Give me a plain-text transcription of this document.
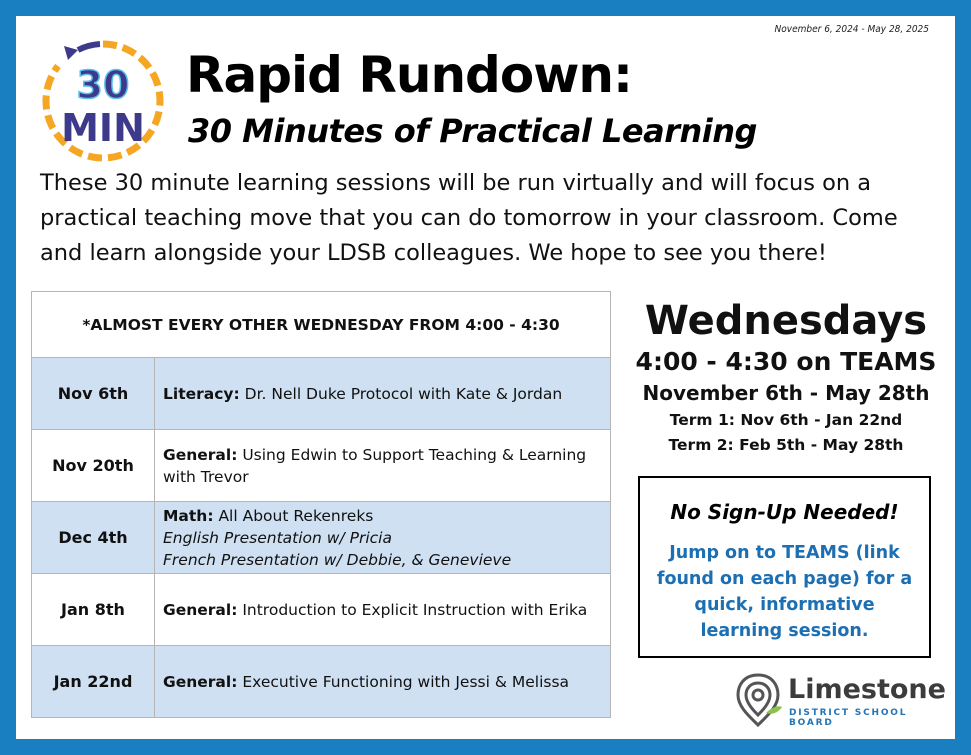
November 6, 2024 - May 28, 2025
30
MIN
Rapid Rundown:
30 Minutes of Practical Learning
These 30 minute learning sessions will be run virtually and will focus on a practical teaching move that you can do tomorrow in your classroom. Come and learn alongside your LDSB colleagues. We hope to see you there!
*ALMOST EVERY OTHER WEDNESDAY FROM 4:00 - 4:30	
Nov 6th	Literacy: Dr. Nell Duke Protocol with Kate & Jordan
Nov 20th	General: Using Edwin to Support Teaching & Learning with Trevor
Dec 4th	Math: All About Rekenreks
English Presentation w/ Pricia
French Presentation w/ Debbie, & Genevieve
Jan 8th	General: Introduction to Explicit Instruction with Erika
Jan 22nd	General: Executive Functioning with Jessi & Melissa
Wednesdays
4:00 - 4:30 on TEAMS
November 6th - May 28th
Term 1: Nov 6th - Jan 22nd
Term 2: Feb 5th - May 28th
No Sign-Up Needed!
Jump on to TEAMS (link found on each page) for a quick, informative learning session.
Limestone
DISTRICT SCHOOL BOARD
